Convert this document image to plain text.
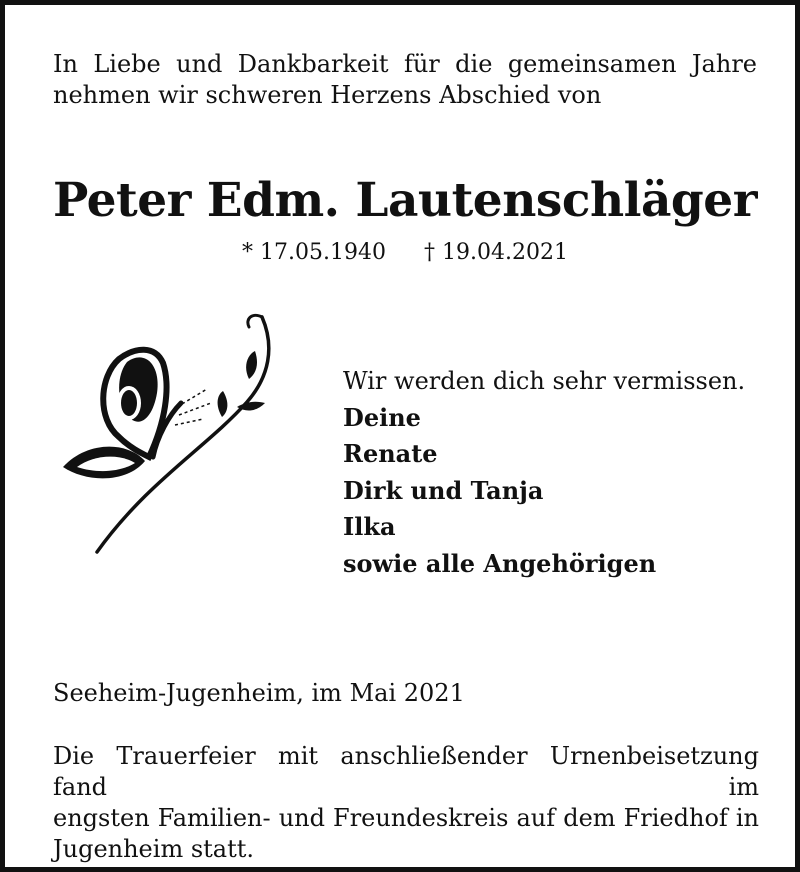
In Liebe und Dankbarkeit für die gemeinsamen Jahre
nehmen wir schweren Herzens Abschied von
Peter Edm. Lautenschläger
* 17.05.1940 † 19.04.2021
Wir werden dich sehr vermissen.
Deine
Renate
Dirk und Tanja
Ilka
sowie alle Angehörigen
Seeheim-Jugenheim, im Mai 2021
Die Trauerfeier mit anschließender Urnenbeisetzung fand im
engsten Familien- und Freundeskreis auf dem Friedhof in
Jugenheim statt.
